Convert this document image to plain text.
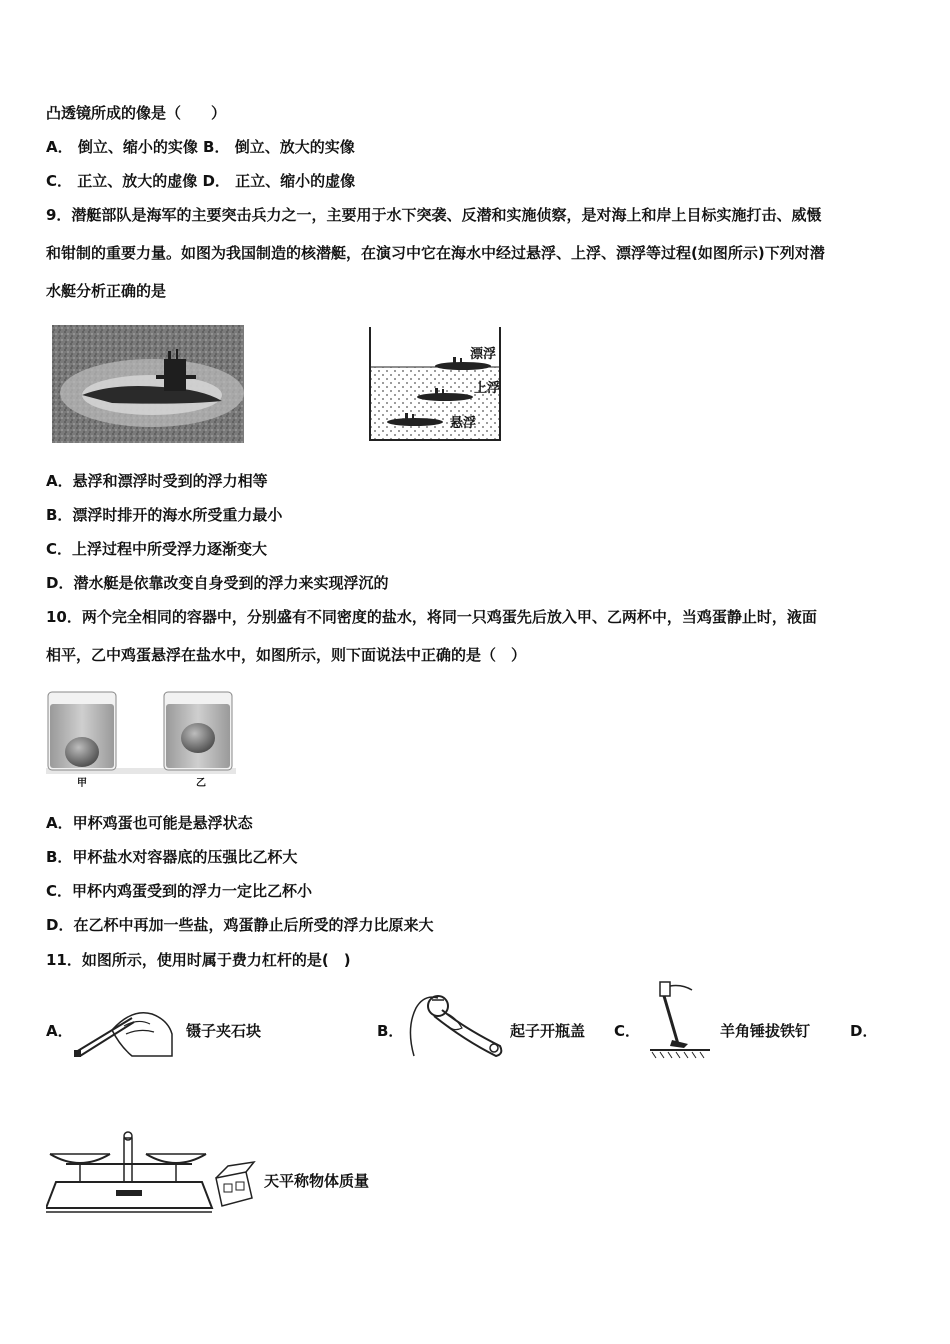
凸透镜所成的像是（　　）
A． 倒立、缩小的实像 B． 倒立、放大的实像
C． 正立、放大的虚像 D． 正立、缩小的虚像
9．潜艇部队是海军的主要突击兵力之一，主要用于水下突袭、反潜和实施侦察，是对海上和岸上目标实施打击、威慑
和钳制的重要力量。如图为我国制造的核潜艇，在演习中它在海水中经过悬浮、上浮、漂浮等过程(如图所示)下列对潜
水艇分析正确的是
漂浮
上浮
悬浮
A．悬浮和漂浮时受到的浮力相等
B．漂浮时排开的海水所受重力最小
C．上浮过程中所受浮力逐渐变大
D．潜水艇是依靠改变自身受到的浮力来实现浮沉的
10．两个完全相同的容器中，分别盛有不同密度的盐水，将同一只鸡蛋先后放入甲、乙两杯中，当鸡蛋静止时，液面
相平，乙中鸡蛋悬浮在盐水中，如图所示，则下面说法中正确的是（　）
甲	乙
A．甲杯鸡蛋也可能是悬浮状态
B．甲杯盐水对容器底的压强比乙杯大
C．甲杯内鸡蛋受到的浮力一定比乙杯小
D．在乙杯中再加一些盐，鸡蛋静止后所受的浮力比原来大
11．如图所示，使用时属于费力杠杆的是(　)
A．	镊子夹石块	B．	起子开瓶盖 C．	羊角锤拔铁钉	D．
天平称物体质量
